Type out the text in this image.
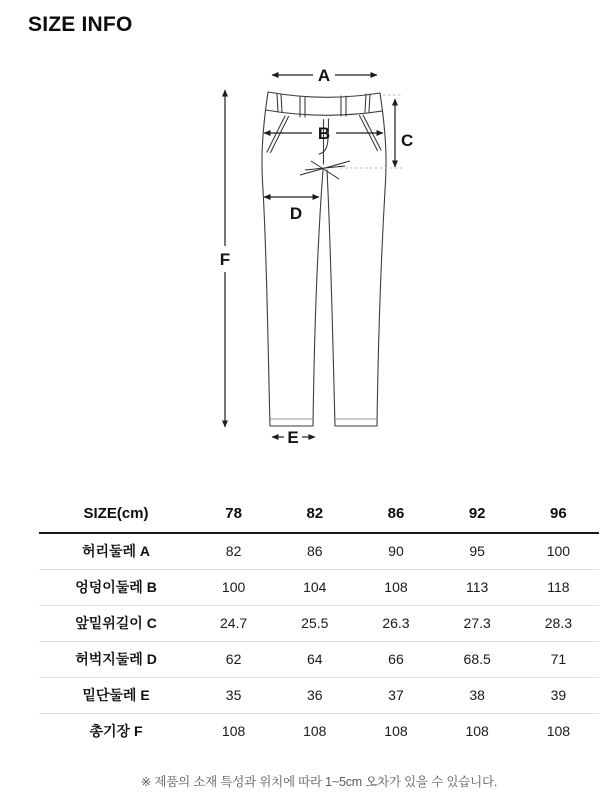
SIZE INFO
A
B	C
D
E
F
SIZE(cm)	78	82	86	92	96
허리둘레 A	82	86	90	95	100
엉덩이둘레 B	100	104	108	113	118
앞밑위길이 C	24.7	25.5	26.3	27.3	28.3
허벅지둘레 D	62	64	66	68.5	71
밑단둘레 E	35	36	37	38	39
총기장 F	108	108	108	108	108
※ 제품의 소재 특성과 위치에 따라 1~5cm 오차가 있을 수 있습니다.
